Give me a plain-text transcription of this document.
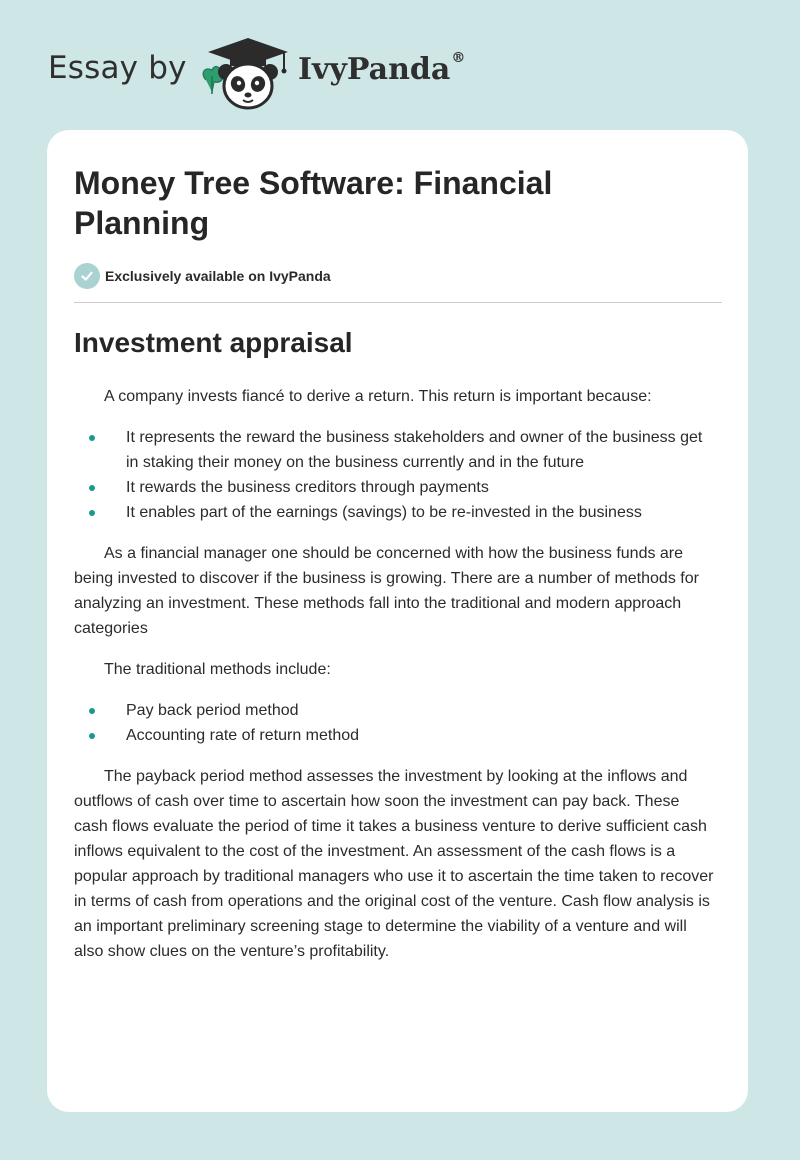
Essay by	IvyPanda®
Money Tree Software: Financial Planning
Exclusively available on IvyPanda
Investment appraisal

A company invests fiancé to derive a return. This return is important because:

It represents the reward the business stakeholders and owner of the business get in staking their money on the business currently and in the future
It rewards the business creditors through payments
It enables part of the earnings (savings) to be re-invested in the business

As a financial manager one should be concerned with how the business funds are being invested to discover if the business is growing. There are a number of methods for analyzing an investment. These methods fall into the traditional and modern approach categories

The traditional methods include:

Pay back period method
Accounting rate of return method

The payback period method assesses the investment by looking at the inflows and outflows of cash over time to ascertain how soon the investment can pay back. These cash flows evaluate the period of time it takes a business venture to derive sufficient cash inflows equivalent to the cost of the investment. An assessment of the cash flows is a popular approach by traditional managers who use it to ascertain the time taken to recover in terms of cash from operations and the original cost of the venture. Cash flow analysis is an important preliminary screening stage to determine the viability of a venture and will also show clues on the venture’s profitability.
